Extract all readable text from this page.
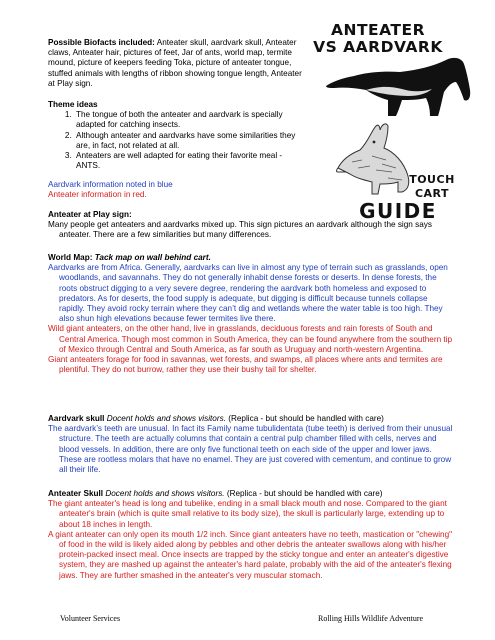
Possible Biofacts included: Anteater skull, aardvark skull, Anteater claws, Anteater hair, pictures of feet, Jar of ants, world map, termite mound, picture of keepers feeding Toka, picture of anteater tongue, stuffed animals with lengths of ribbon showing tongue length, Anteater at Play sign.
ANTEATER
VS AARDVARK
TOUCH
CART
GUIDE
Theme ideas
1. The tongue of both the anteater and aardvark is specially adapted for catching insects.
2. Although anteater and aardvarks have some similarities they are, in fact, not related at all.
3. Anteaters are well adapted for eating their favorite meal - ANTS.
Aardvark information noted in blue
Anteater information in red.
Anteater at Play sign:
Many people get anteaters and aardvarks mixed up. This sign pictures an aardvark although the sign says anteater. There are a few similarities but many differences.
World Map: Tack map on wall behind cart.
Aardvarks are from Africa. Generally, aardvarks can live in almost any type of terrain such as grasslands, open woodlands, and savannahs. They do not generally inhabit dense forests or deserts. In dense forests, the roots obstruct digging to a very severe degree, rendering the aardvark both homeless and exposed to predators. As for deserts, the food supply is adequate, but digging is difficult because tunnels collapse rapidly. They avoid rocky terrain where they can’t dig and wetlands where the water table is too high. They also shun high elevations because fewer termites live there.
Wild giant anteaters, on the other hand, live in grasslands, deciduous forests and rain forests of South and Central America. Though most common in South America, they can be found anywhere from the southern tip of Mexico through Central and South America, as far south as Uruguay and north-western Argentina.
Giant anteaters forage for food in savannas, wet forests, and swamps, all places where ants and termites are plentiful. They do not burrow, rather they use their bushy tail for shelter.
Aardvark skull Docent holds and shows visitors. (Replica - but should be handled with care)
The aardvark’s teeth are unusual. In fact its Family name tubulidentata (tube teeth) is derived from their unusual structure. The teeth are actually columns that contain a central pulp chamber filled with cells, nerves and blood vessels. In addition, there are only five functional teeth on each side of the upper and lower jaws. These are rootless molars that have no enamel. They are just covered with cementum, and continue to grow all their life.
Anteater Skull Docent holds and shows visitors. (Replica - but should be handled with care)
The giant anteater's head is long and tubelike, ending in a small black mouth and nose. Compared to the giant anteater's brain (which is quite small relative to its body size), the skull is particularly large, extending up to about 18 inches in length.
A giant anteater can only open its mouth 1/2 inch. Since giant anteaters have no teeth, mastication or "chewing" of food in the wild is likely aided along by pebbles and other debris the anteater swallows along with his/her protein-packed insect meal. Once insects are trapped by the sticky tongue and enter an anteater's digestive system, they are mashed up against the anteater's hard palate, probably with the aid of the anteater's flexing jaws. They are further smashed in the anteater's very muscular stomach.
Volunteer Services	Rolling Hills Wildlife Adventure
